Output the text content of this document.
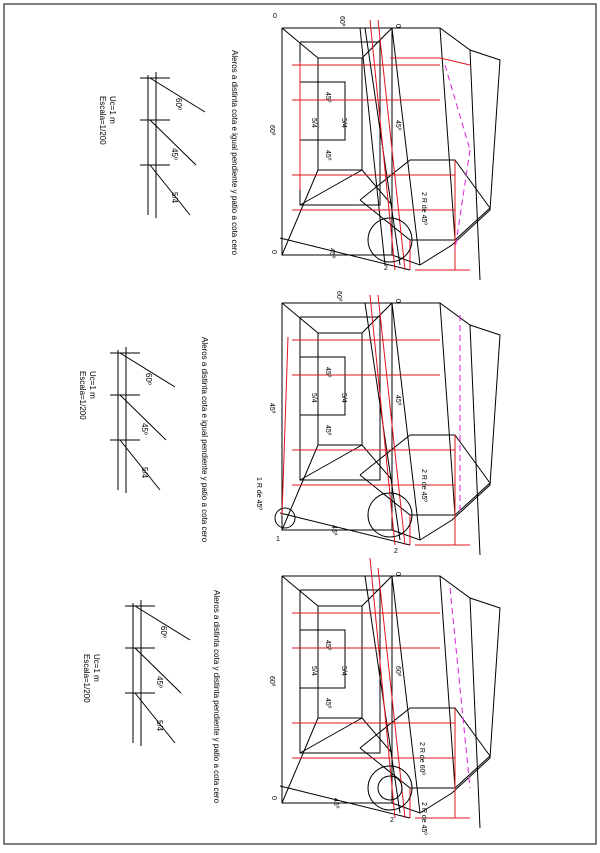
60º
45º
5/4
Uc=1 m
Escala=1/200	Aleros a distinta cota e igual pendiente y patio a cota cero
0	60º	0
60º
0	45º
45º
5/4	5/4
45º
45º
2 R de 45º
2
60º
45º
5/4
Uc=1 m
Escala=1/200	Aleros a distinta cota e igual pendiente y patio a cota cero
60º	0
45º
45º
45º
5/4	5/4
45º
45º
2 R de 45º
1 R de 45º
1
2
60º
45º
5/4
Uc=1 m
Escala=1/200	Aleros a distinta cota y distinta pendiente y patio a cota cero
0
60º
0
45º
45º
5/4	5/4
45º
60º
2 R de 60º
2 R de 45º
2
